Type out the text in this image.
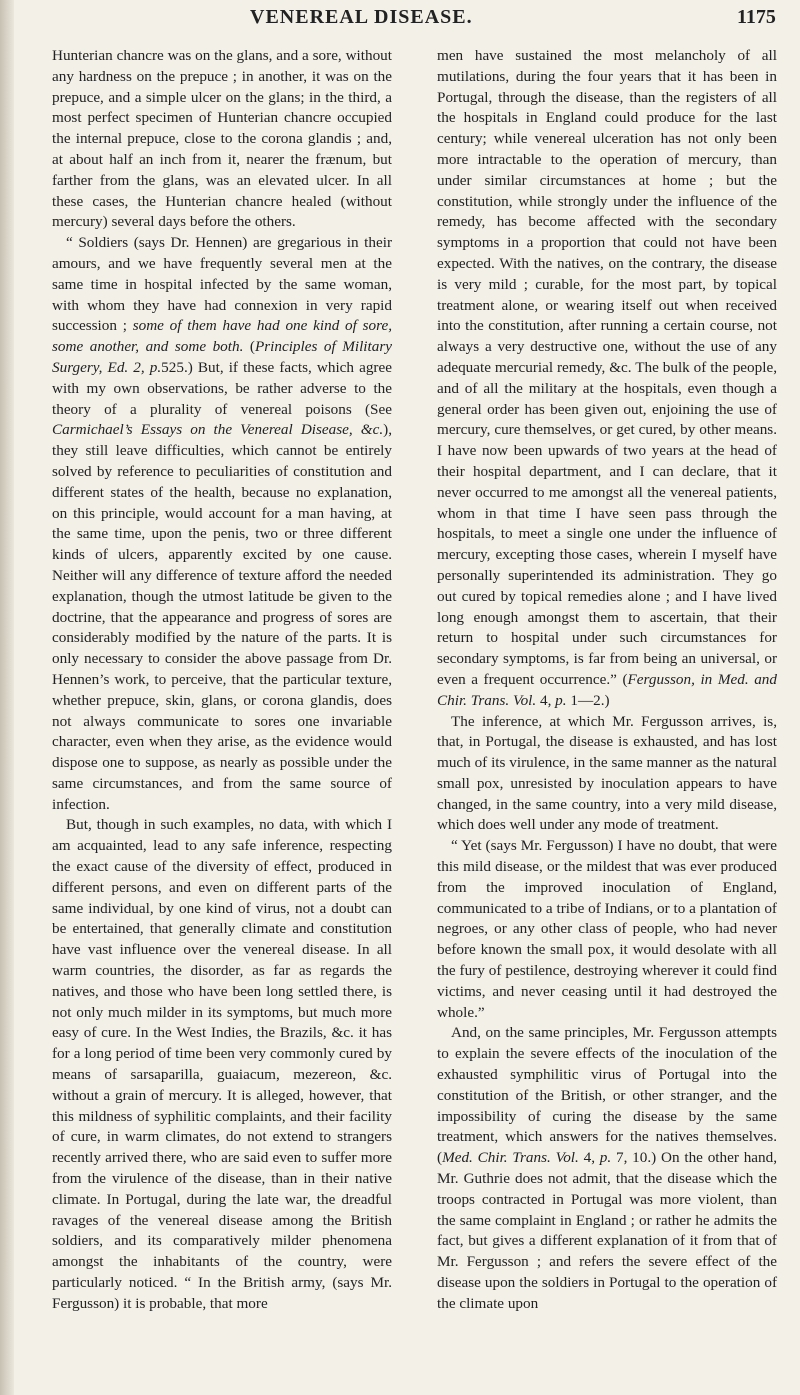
VENEREAL DISEASE.	1175

Hunterian chancre was on the glans, and a sore, without any hardness on the prepuce ; in another, it was on the prepuce, and a simple ulcer on the glans; in the third, a most perfect specimen of Hunterian chancre occupied the internal prepuce, close to the corona glandis ; and, at about half an inch from it, nearer the frænum, but farther from the glans, was an elevated ulcer. In all these cases, the Hunterian chancre healed (without mercury) several days before the others.

“ Soldiers (says Dr. Hennen) are gregarious in their amours, and we have frequently several men at the same time in hospital infected by the same woman, with whom they have had connexion in very rapid succession ; some of them have had one kind of sore, some another, and some both. (Principles of Military Surgery, Ed. 2, p.525.) But, if these facts, which agree with my own observations, be rather adverse to the theory of a plurality of venereal poisons (See Carmichael’s Essays on the Venereal Disease, &c.), they still leave difficulties, which cannot be entirely solved by reference to peculiarities of constitution and different states of the health, because no explanation, on this principle, would account for a man having, at the same time, upon the penis, two or three different kinds of ulcers, apparently excited by one cause. Neither will any difference of texture afford the needed explanation, though the utmost latitude be given to the doctrine, that the appearance and progress of sores are considerably modified by the nature of the parts. It is only necessary to consider the above passage from Dr. Hennen’s work, to perceive, that the particular texture, whether prepuce, skin, glans, or corona glandis, does not always communicate to sores one invariable character, even when they arise, as the evidence would dispose one to suppose, as nearly as possible under the same circumstances, and from the same source of infection.

But, though in such examples, no data, with which I am acquainted, lead to any safe inference, respecting the exact cause of the diversity of effect, produced in different persons, and even on different parts of the same individual, by one kind of virus, not a doubt can be entertained, that generally climate and constitution have vast influence over the venereal disease. In all warm countries, the disorder, as far as regards the natives, and those who have been long settled there, is not only much milder in its symptoms, but much more easy of cure. In the West Indies, the Brazils, &c. it has for a long period of time been very commonly cured by means of sarsaparilla, guaiacum, mezereon, &c. without a grain of mercury. It is alleged, however, that this mildness of syphilitic complaints, and their facility of cure, in warm climates, do not extend to strangers recently arrived there, who are said even to suffer more from the virulence of the disease, than in their native climate. In Portugal, during the late war, the dreadful ravages of the venereal disease among the British soldiers, and its comparatively milder phenomena amongst the inhabitants of the country, were particularly noticed. “ In the British army, (says Mr. Fergusson) it is probable, that more

men have sustained the most melancholy of all mutilations, during the four years that it has been in Portugal, through the disease, than the registers of all the hospitals in England could produce for the last century; while venereal ulceration has not only been more intractable to the operation of mercury, than under similar circumstances at home ; but the constitution, while strongly under the influence of the remedy, has become affected with the secondary symptoms in a proportion that could not have been expected. With the natives, on the contrary, the disease is very mild ; curable, for the most part, by topical treatment alone, or wearing itself out when received into the constitution, after running a certain course, not always a very destructive one, without the use of any adequate mercurial remedy, &c. The bulk of the people, and of all the military at the hospitals, even though a general order has been given out, enjoining the use of mercury, cure themselves, or get cured, by other means. I have now been upwards of two years at the head of their hospital department, and I can declare, that it never occurred to me amongst all the venereal patients, whom in that time I have seen pass through the hospitals, to meet a single one under the influence of mercury, excepting those cases, wherein I myself have personally superintended its administration. They go out cured by topical remedies alone ; and I have lived long enough amongst them to ascertain, that their return to hospital under such circumstances for secondary symptoms, is far from being an universal, or even a frequent occurrence.” (Fergusson, in Med. and Chir. Trans. Vol. 4, p. 1—2.)

The inference, at which Mr. Fergusson arrives, is, that, in Portugal, the disease is exhausted, and has lost much of its virulence, in the same manner as the natural small pox, unresisted by inoculation appears to have changed, in the same country, into a very mild disease, which does well under any mode of treatment.

“ Yet (says Mr. Fergusson) I have no doubt, that were this mild disease, or the mildest that was ever produced from the improved inoculation of England, communicated to a tribe of Indians, or to a plantation of negroes, or any other class of people, who had never before known the small pox, it would desolate with all the fury of pestilence, destroying wherever it could find victims, and never ceasing until it had destroyed the whole.”

And, on the same principles, Mr. Fergusson attempts to explain the severe effects of the inoculation of the exhausted symphilitic virus of Portugal into the constitution of the British, or other stranger, and the impossibility of curing the disease by the same treatment, which answers for the natives themselves. (Med. Chir. Trans. Vol. 4, p. 7, 10.) On the other hand, Mr. Guthrie does not admit, that the disease which the troops contracted in Portugal was more violent, than the same complaint in England ; or rather he admits the fact, but gives a different explanation of it from that of Mr. Fergusson ; and refers the severe effect of the disease upon the soldiers in Portugal to the operation of the climate upon
